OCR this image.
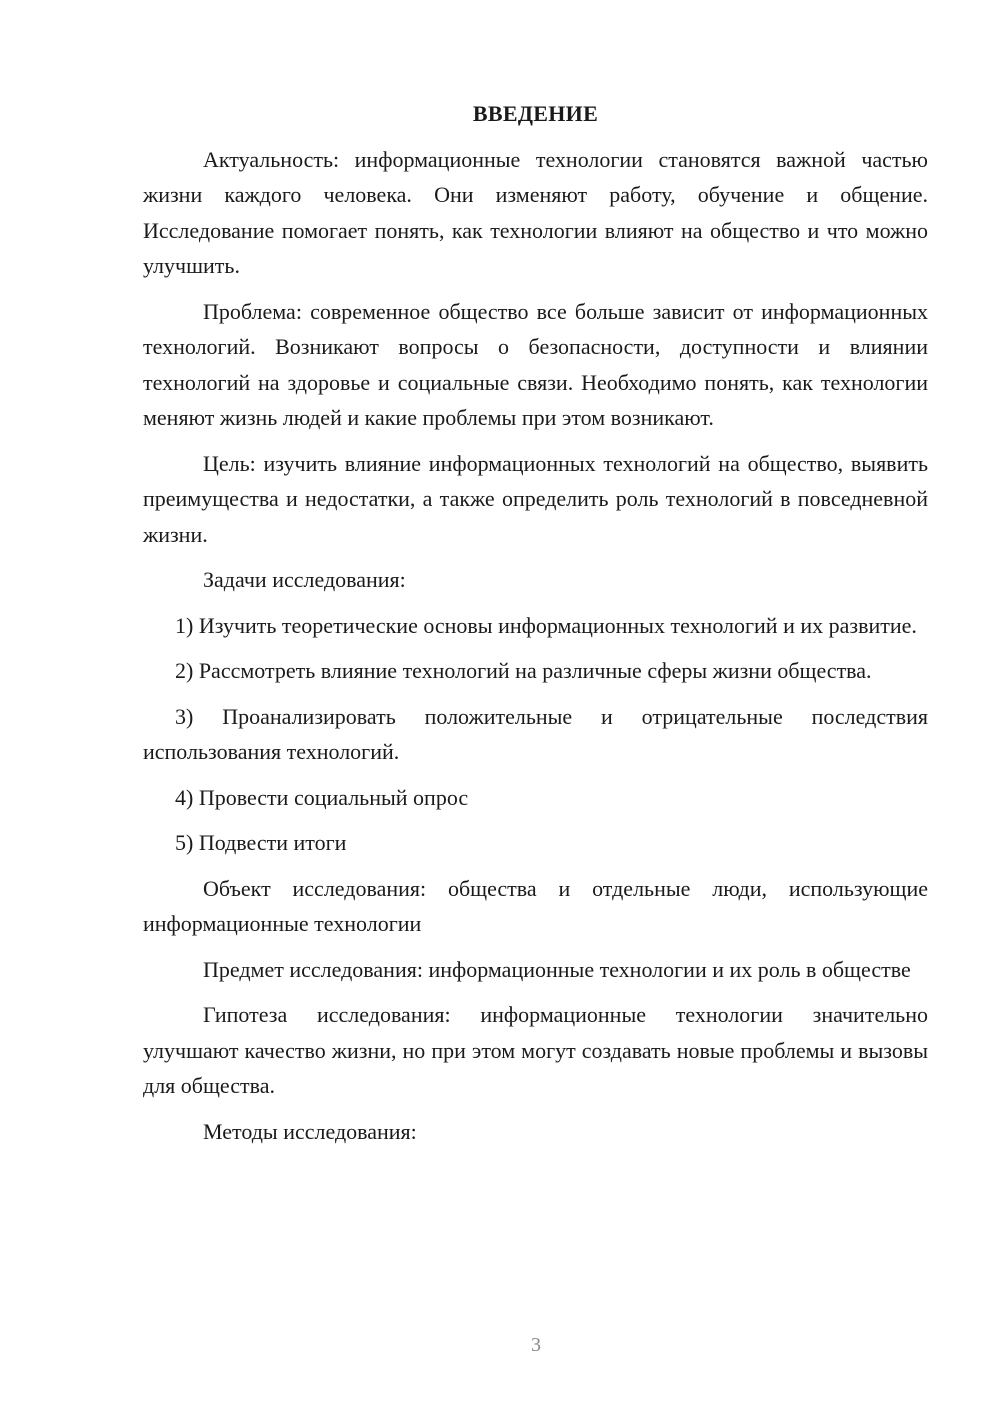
ВВЕДЕНИЕ

Актуальность: информационные технологии становятся важной частью жизни каждого человека. Они изменяют работу, обучение и общение. Исследование помогает понять, как технологии влияют на общество и что можно улучшить.

Проблема: современное общество все больше зависит от информационных технологий. Возникают вопросы о безопасности, доступности и влиянии технологий на здоровье и социальные связи. Необходимо понять, как технологии меняют жизнь людей и какие проблемы при этом возникают.

Цель: изучить влияние информационных технологий на общество, выявить преимущества и недостатки, а также определить роль технологий в повседневной жизни.

Задачи исследования:

1) Изучить теоретические основы информационных технологий и их развитие.

2) Рассмотреть влияние технологий на различные сферы жизни общества.

3) Проанализировать положительные и отрицательные последствия использования технологий.

4) Провести социальный опрос

5) Подвести итоги

Объект исследования: общества и отдельные люди, использующие информационные технологии

Предмет исследования: информационные технологии и их роль в обществе

Гипотеза исследования: информационные технологии значительно улучшают качество жизни, но при этом могут создавать новые проблемы и вызовы для общества.

Методы исследования:

3
